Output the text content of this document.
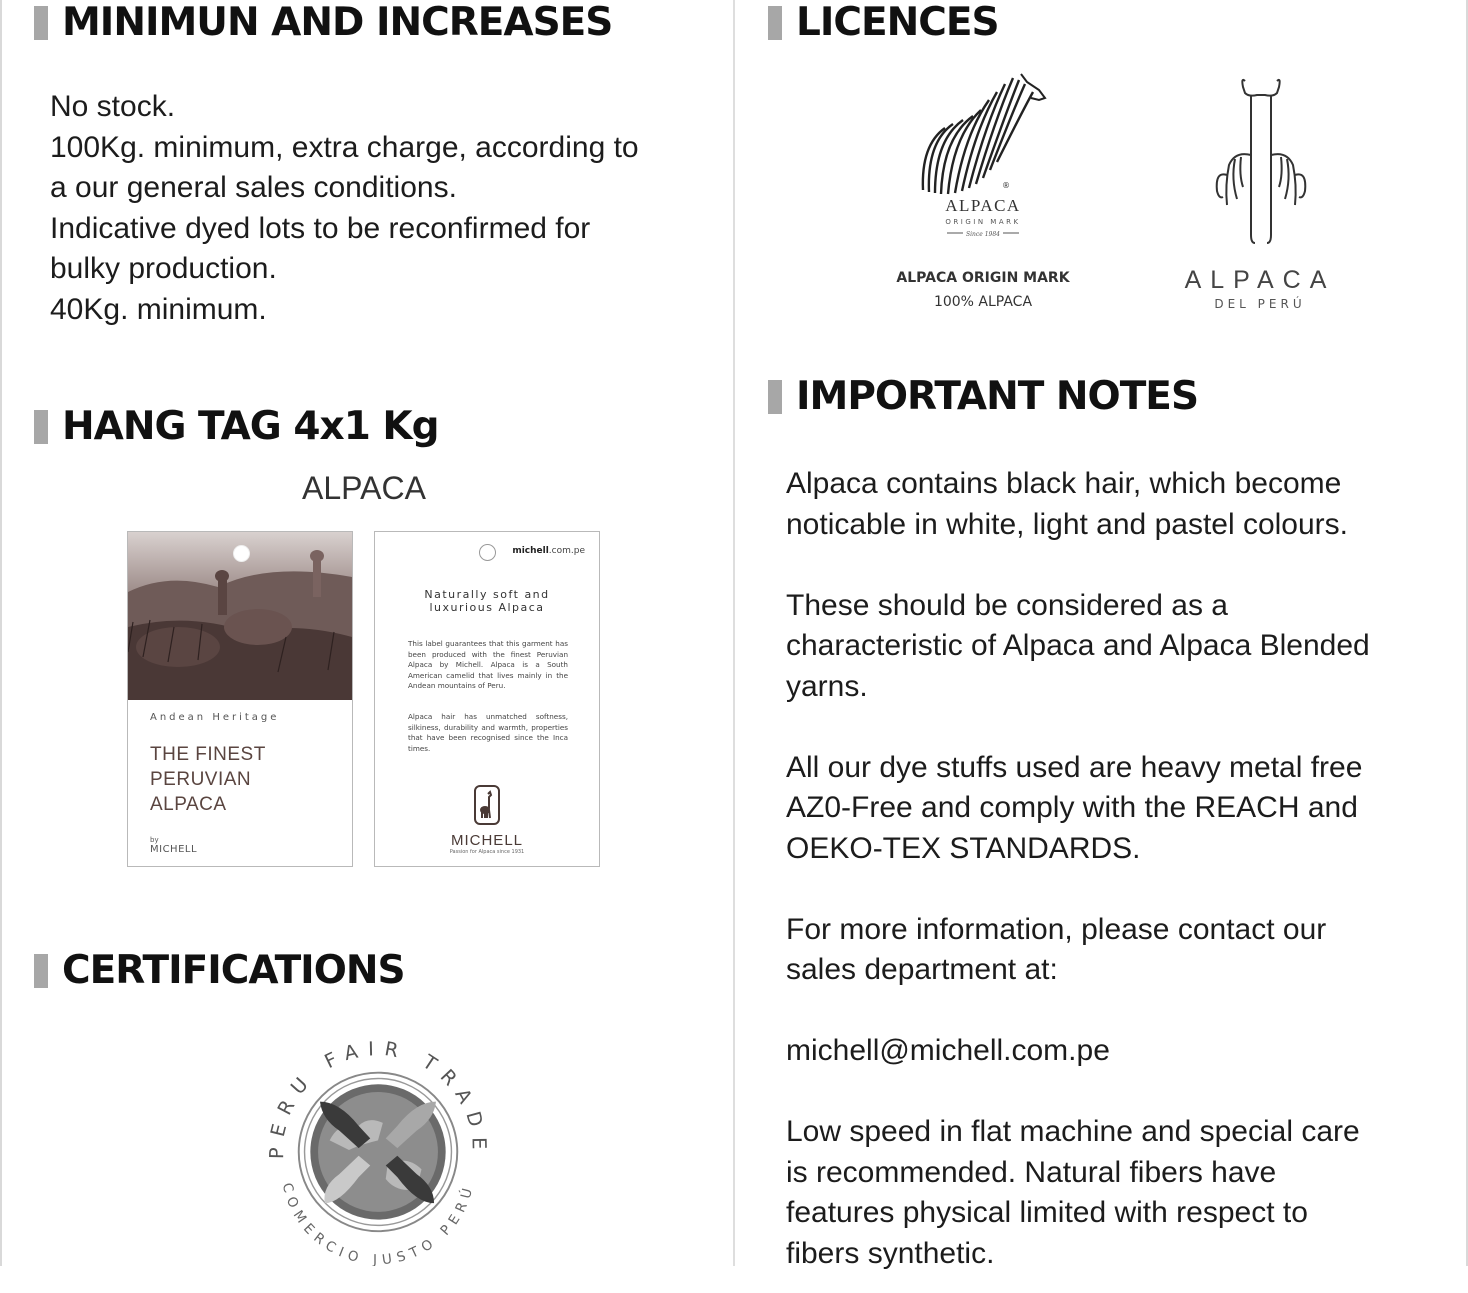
MINIMUN AND INCREASES
No stock.
100Kg. minimum, extra charge, according to
a our general sales conditions.
Indicative dyed lots to be reconfirmed for
bulky production.
40Kg. minimum.
HANG TAG 4x1 Kg
ALPACA
Andean Heritage
THE FINEST
PERUVIAN
ALPACA
by
MICHELL
michell.com.pe
Naturally soft and
luxurious Alpaca
This label guarantees that this garment has been produced with the finest Peruvian Alpaca by Michell. Alpaca is a South American camelid that lives mainly in the Andean mountains of Peru.
Alpaca hair has unmatched softness, silkiness, durability and warmth, properties that have been recognised since the Inca times.
MICHELL
Passion for Alpaca since 1931
CERTIFICATIONS
PERU FAIR TRADE
COMERCIO JUSTO PERÚ
LICENCES
®
ALPACA
ORIGIN MARK
Since 1984
ALPACA ORIGIN MARK
100% ALPACA
ALPACA
DEL PERÚ
IMPORTANT NOTES
Alpaca contains black hair, which become
noticable in white, light and pastel colours.

These should be considered as a
characteristic of Alpaca and Alpaca Blended
yarns.

All our dye stuffs used are heavy metal free
AZ0-Free and comply with the REACH and
OEKO-TEX STANDARDS.

For more information, please contact our
sales department at:

michell@michell.com.pe

Low speed in flat machine and special care
is recommended. Natural fibers have
features physical limited with respect to
fibers synthetic.
